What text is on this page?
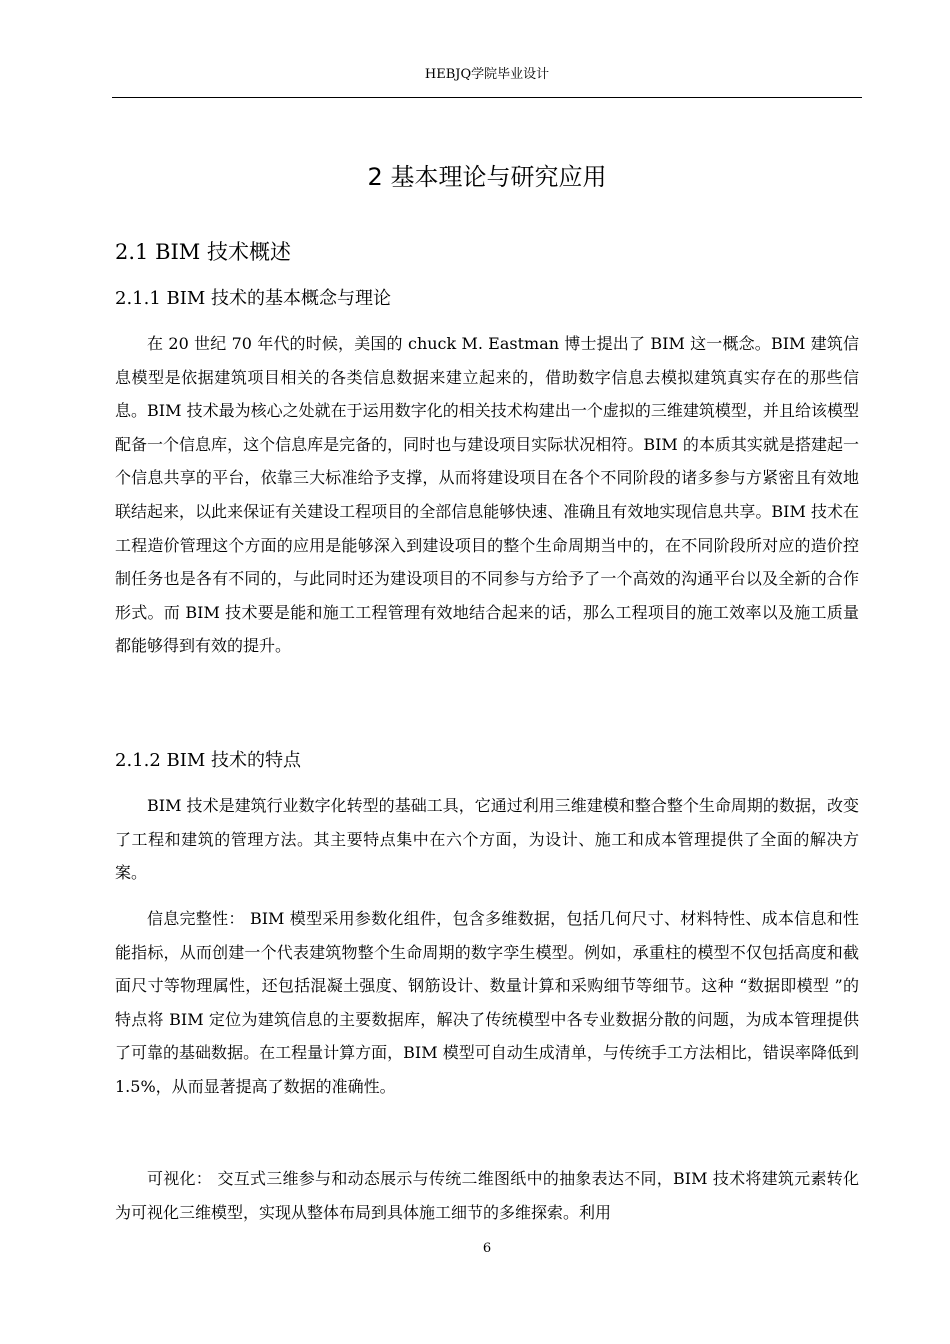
HEBJQ学院毕业设计
2 基本理论与研究应用
2.1 BIM 技术概述
2.1.1 BIM 技术的基本概念与理论

在 20 世纪 70 年代的时候，美国的 chuck M. Eastman 博士提出了 BIM 这一概念。BIM 建筑信息模型是依据建筑项目相关的各类信息数据来建立起来的，借助数字信息去模拟建筑真实存在的那些信息。BIM 技术最为核心之处就在于运用数字化的相关技术构建出一个虚拟的三维建筑模型，并且给该模型配备一个信息库，这个信息库是完备的，同时也与建设项目实际状况相符。BIM 的本质其实就是搭建起一个信息共享的平台，依靠三大标准给予支撑，从而将建设项目在各个不同阶段的诸多参与方紧密且有效地联结起来，以此来保证有关建设工程项目的全部信息能够快速、准确且有效地实现信息共享。BIM 技术在工程造价管理这个方面的应用是能够深入到建设项目的整个生命周期当中的，在不同阶段所对应的造价控制任务也是各有不同的，与此同时还为建设项目的不同参与方给予了一个高效的沟通平台以及全新的合作形式。而 BIM 技术要是能和施工工程管理有效地结合起来的话，那么工程项目的施工效率以及施工质量都能够得到有效的提升。

2.1.2 BIM 技术的特点

BIM 技术是建筑行业数字化转型的基础工具，它通过利用三维建模和整合整个生命周期的数据，改变了工程和建筑的管理方法。其主要特点集中在六个方面，为设计、施工和成本管理提供了全面的解决方案。

信息完整性： BIM 模型采用参数化组件，包含多维数据，包括几何尺寸、材料特性、成本信息和性能指标，从而创建一个代表建筑物整个生命周期的数字孪生模型。例如，承重柱的模型不仅包括高度和截面尺寸等物理属性，还包括混凝土强度、钢筋设计、数量计算和采购细节等细节。这种 “数据即模型 ”的特点将 BIM 定位为建筑信息的主要数据库，解决了传统模型中各专业数据分散的问题，为成本管理提供了可靠的基础数据。在工程量计算方面，BIM 模型可自动生成清单，与传统手工方法相比，错误率降低到 1.5%，从而显著提高了数据的准确性。

可视化： 交互式三维参与和动态展示与传统二维图纸中的抽象表达不同，BIM 技术将建筑元素转化为可视化三维模型，实现从整体布局到具体施工细节的多维探索。利用

6
